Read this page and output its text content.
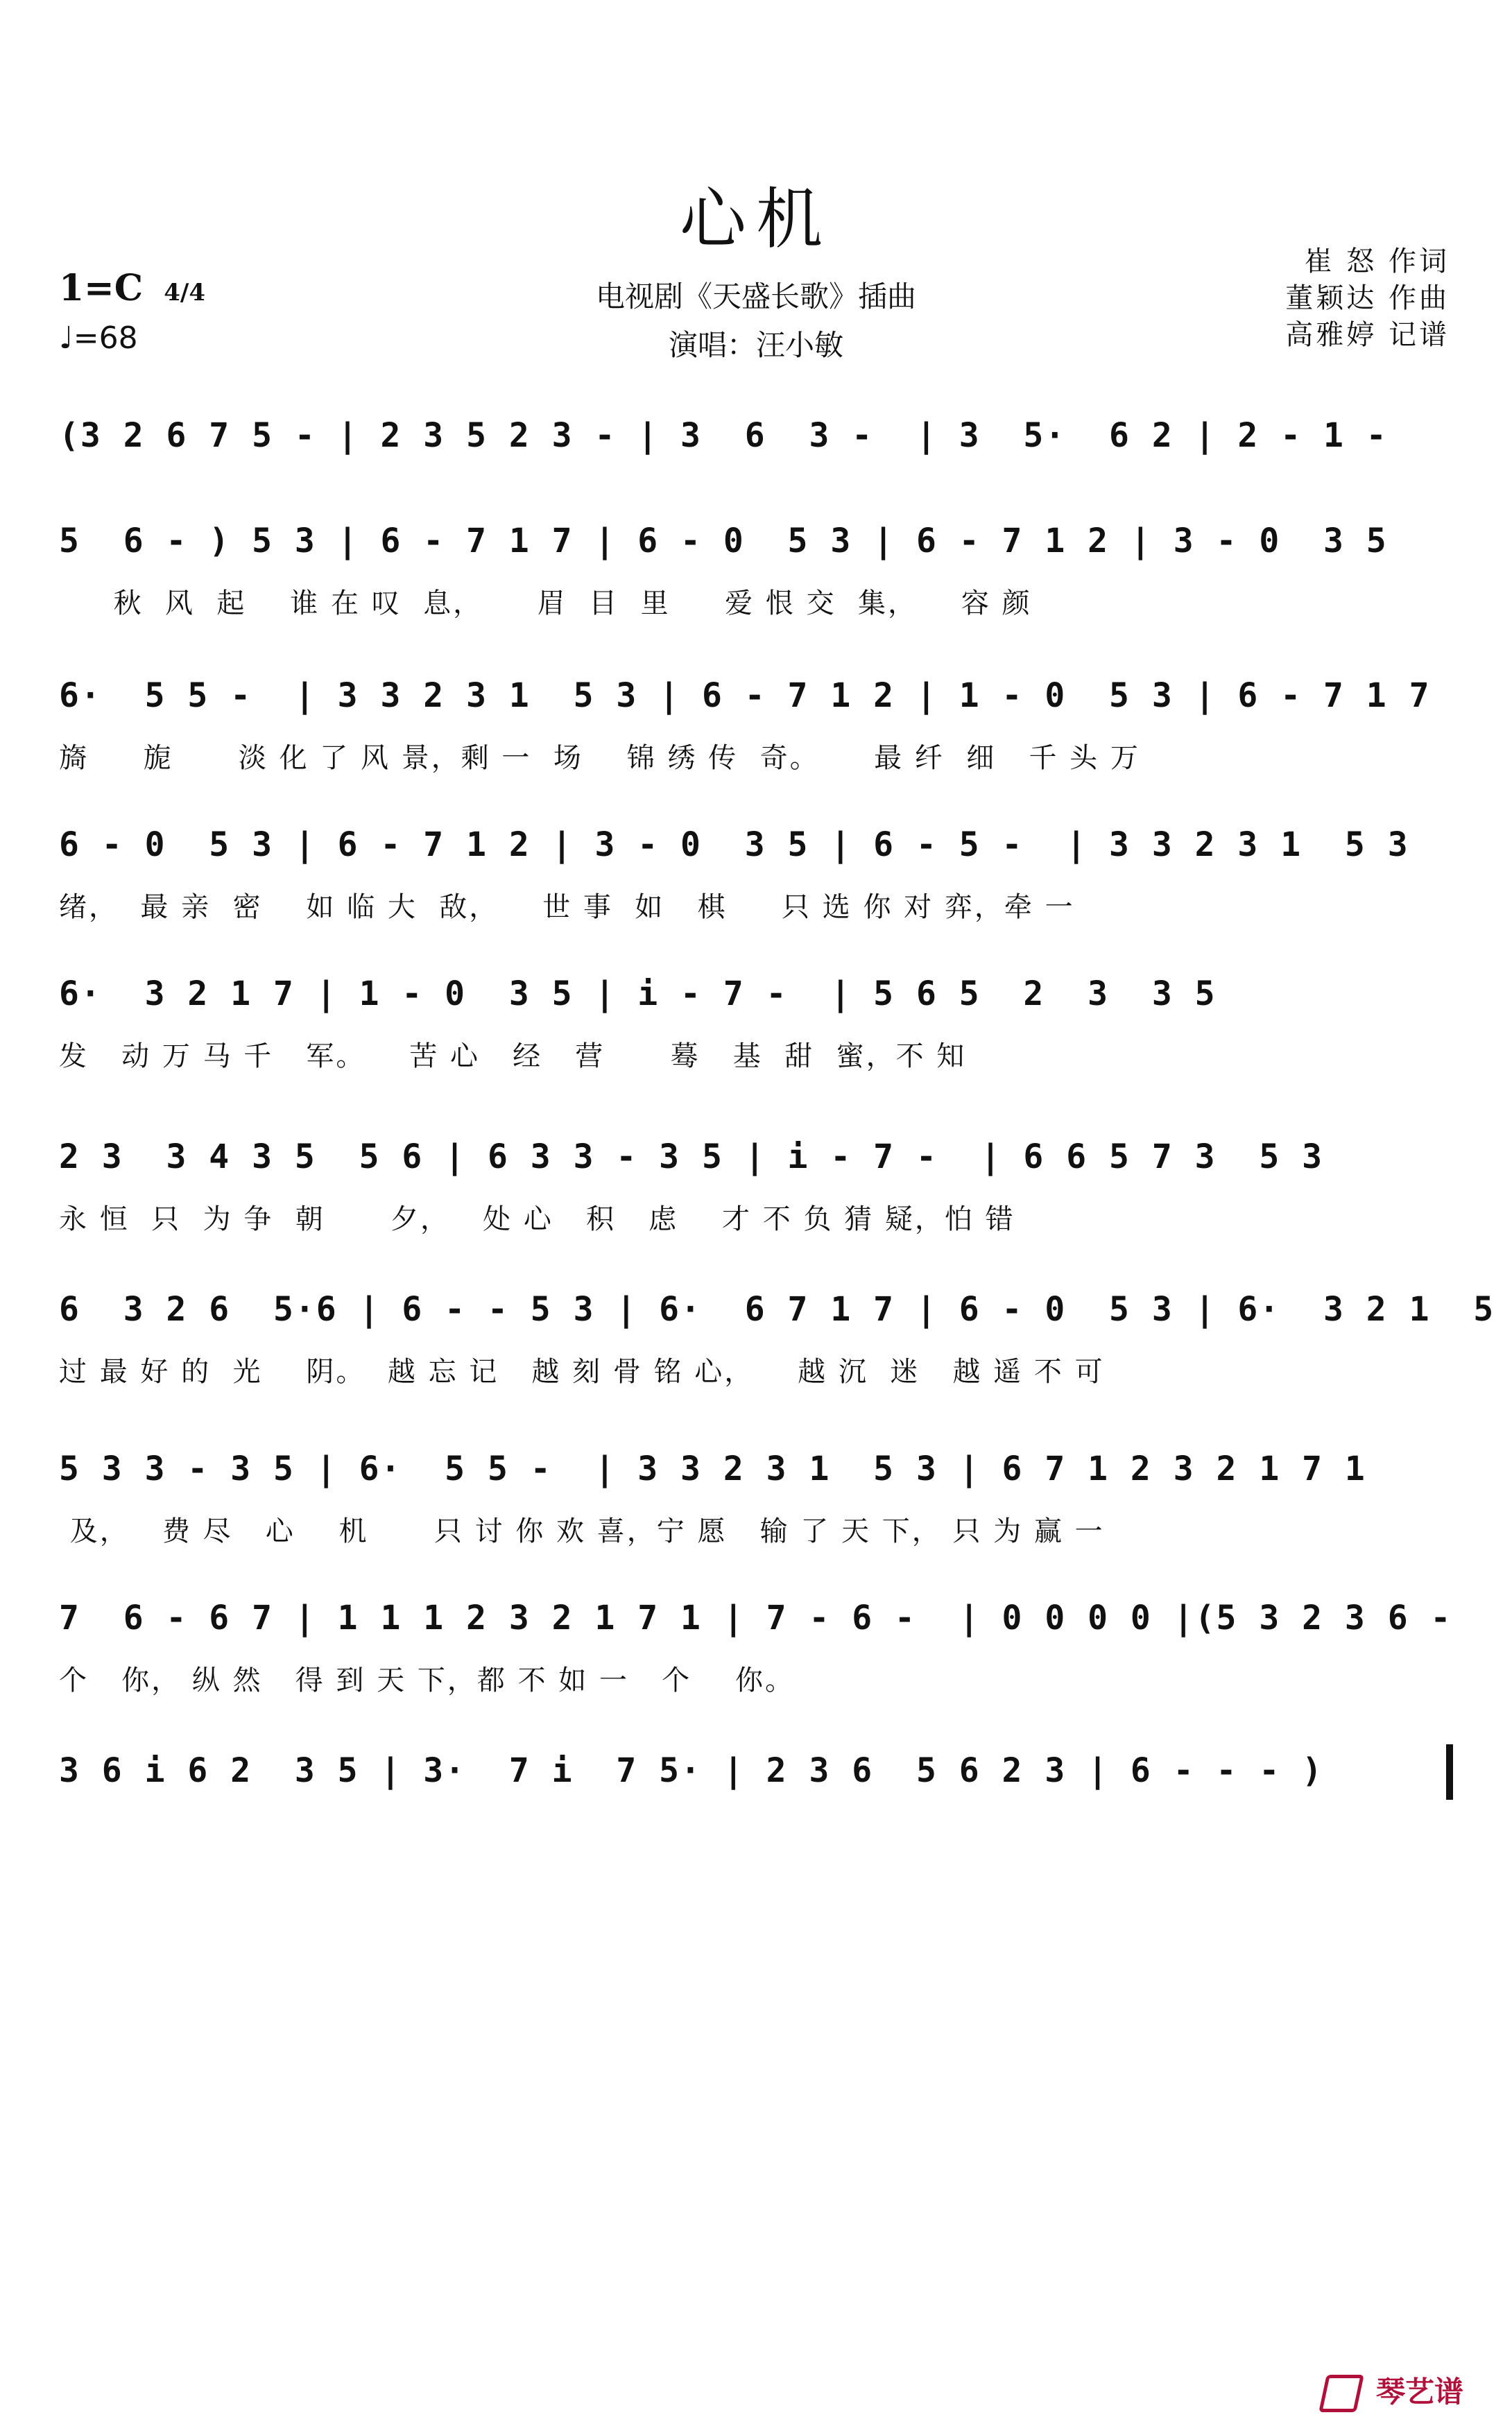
心机
电视剧《天盛长歌》插曲
演唱：汪小敏
崔 怒 作词
董颖达 作曲
高雅婷 记谱
1=C 4/4
♩=68
(3 2 6 7 5 - | 2 3 5 2 3 - | 3  6  3 -  | 3  5·  6 2 | 2 - 1 -
5  6 - ) 5 3 | 6 - 7 1 7 | 6 - 0  5 3 | 6 - 7 1 2 | 3 - 0  3 5
秋  风  起    谁 在 叹  息，     眉  目  里     爱 恨 交  集，    容 颜
6·  5 5 -  | 3 3 2 3 1  5 3 | 6 - 7 1 2 | 1 - 0  5 3 | 6 - 7 1 7
旖     旎      淡 化 了 风 景，剩 一  场    锦 绣 传  奇。     最 纤  细   千 头 万
6 - 0  5 3 | 6 - 7 1 2 | 3 - 0  3 5 | 6 - 5 -  | 3 3 2 3 1  5 3
绪，  最 亲  密    如 临 大  敌，    世 事  如   棋     只 选 你 对 弈，牵 一
6·  3 2 1 7 | 1 - 0  3 5 | i - 7 -  | 5 6 5  2  3  3 5
发   动 万 马 千   军。    苦 心   经   营      蓦   基  甜  蜜，不 知
2 3  3 4 3 5  5 6 | 6 3 3 - 3 5 | i - 7 -  | 6 6 5 7 3  5 3
永 恒  只  为 争  朝      夕，   处 心   积   虑    才 不 负 猜 疑，怕 错
6  3 2 6  5·6 | 6 - - 5 3 | 6·  6 7 1 7 | 6 - 0  5 3 | 6·  3 2 1  5
过 最 好 的  光    阴。  越 忘 记   越 刻 骨 铭 心，    越 沉  迷   越 遥 不 可
5 3 3 - 3 5 | 6·  5 5 -  | 3 3 2 3 1  5 3 | 6 7 1 2 3 2 1 7 1
及，   费 尽   心    机      只 讨 你 欢 喜，宁 愿   输 了 天 下， 只 为 赢 一
7  6 - 6 7 | 1 1 1 2 3 2 1 7 1 | 7 - 6 -  | 0 0 0 0 |(5 3 2 3 6 -
个   你， 纵 然   得 到 天 下，都 不 如 一   个    你。
3 6 i 6 2  3 5 | 3·  7 i  7 5· | 2 3 6  5 6 2 3 | 6 - - - )
琴艺谱
